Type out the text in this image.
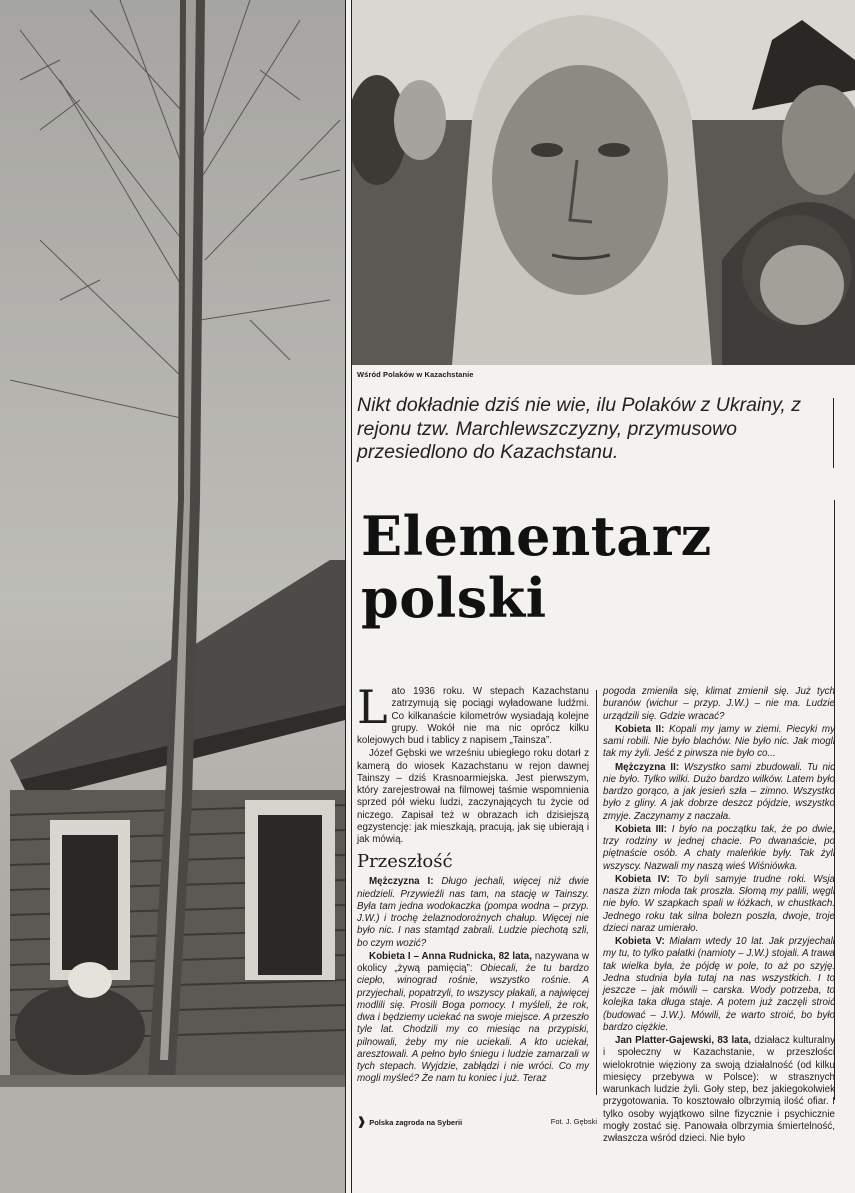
Wśród Polaków w Kazachstanie
Nikt dokładnie dziś nie wie, ilu Polaków z Ukrainy, z rejonu tzw. Marchlewszczyzny, przymusowo przesiedlono do Kazachstanu.
Elementarz
polski

Lato 1936 roku. W stepach Kazachstanu zatrzymują się pociągi wyładowane ludźmi. Co kilkanaście kilometrów wysiadają kolejne grupy. Wokół nie ma nic oprócz kilku kolejowych bud i tablicy z napisem „Tainsza”.

Józef Gębski we wrześniu ubiegłego roku dotarł z kamerą do wiosek Kazachstanu w rejon dawnej Tainszy – dziś Krasnoarmiejska. Jest pierwszym, który zarejestrował na filmowej taśmie wspomnienia sprzed pół wieku ludzi, zaczynających tu życie od niczego. Zapisał też w obrazach ich dzisiejszą egzystencję: jak mieszkają, pracują, jak się ubierają i jak mówią.

Przeszłość

Mężczyzna I: Długo jechali, więcej niż dwie niedzieli. Przywieźli nas tam, na stację w Tainszy. Była tam jedna wodokaczka (pompa wodna – przyp. J.W.) i trochę żelaznodorożnych chałup. Więcej nie było nic. I nas stamtąd zabrali. Ludzie piechotą szli, bo czym wozić?

Kobieta I – Anna Rudnicka, 82 lata, nazywana w okolicy „żywą pamięcią”: Obiecali, że tu bardzo ciepło, winograd rośnie, wszystko rośnie. A przyjechali, popatrzyli, to wszyscy płakali, a najwięcej modlili się. Prosili Boga pomocy. I myśleli, że rok, dwa i będziemy uciekać na swoje miejsce. A przeszło tyle lat. Chodzili my co miesiąc na przypiski, pilnowali, żeby my nie uciekali. A kto uciekał, aresztowali. A pełno było śniegu i ludzie zamarzali w tych stepach. Wyjdzie, zabłądzi i nie wróci. Co my mogli myśleć? Że nam tu koniec i już. Teraz

pogoda zmieniła się, klimat zmienił się. Już tych buranów (wichur – przyp. J.W.) – nie ma. Ludzie urządzili się. Gdzie wracać?

Kobieta II: Kopali my jamy w ziemi. Piecyki my sami robili. Nie było blachów. Nie było nic. Jak mogli tak my żyli. Jeść z pirwsza nie było co...

Mężczyzna II: Wszystko sami zbudowali. Tu nic nie było. Tylko wilki. Dużo bardzo wilków. Latem było bardzo gorąco, a jak jesień szła – zimno. Wszystko było z gliny. A jak dobrze deszcz pójdzie, wszystko zmyje. Zaczynamy z naczała.

Kobieta III: I było na początku tak, że po dwie, trzy rodziny w jednej chacie. Po dwanaście, po piętnaście osób. A chaty maleńkie były. Tak żyli wszyscy. Nazwali my naszą wieś Wiśniówka.

Kobieta IV: To byli samyje trudne roki. Wsja nasza żizn młoda tak proszła. Słomą my palili, węgli nie było. W szapkach spali w łóżkach, w chustkach. Jednego roku tak silna bolezn poszła, dwoje, troje dzieci naraz umierało.

Kobieta V: Miałam wtedy 10 lat. Jak przyjechali my tu, to tylko pałatki (namioty – J.W.) stojali. A trawa tak wielka była, że pójdę w pole, to aż po szyję. Jedna studnia była tutaj na nas wszystkich. I to jeszcze – jak mówili – carska. Wody potrzeba, to kolejka taka długa staje. A potem już zaczęli stroić (budować – J.W.). Mówili, że warto stroić, bo było bardzo ciężkie.

Jan Platter-Gajewski, 83 lata, działacz kulturalny i społeczny w Kazachstanie, w przeszłości wielokrotnie więziony za swoją działalność (od kilku miesięcy przebywa w Polsce): w strasznych warunkach ludzie żyli. Goły step, bez jakiegokolwiek przygotowania. To kosztowało olbrzymią ilość ofiar. I tylko osoby wyjątkowo silne fizycznie i psychicznie mogły zostać się. Panowała olbrzymia śmiertelność, zwłaszcza wśród dzieci. Nie było

❱ Polska zagroda na Syberii	Fot. J. Gębski
